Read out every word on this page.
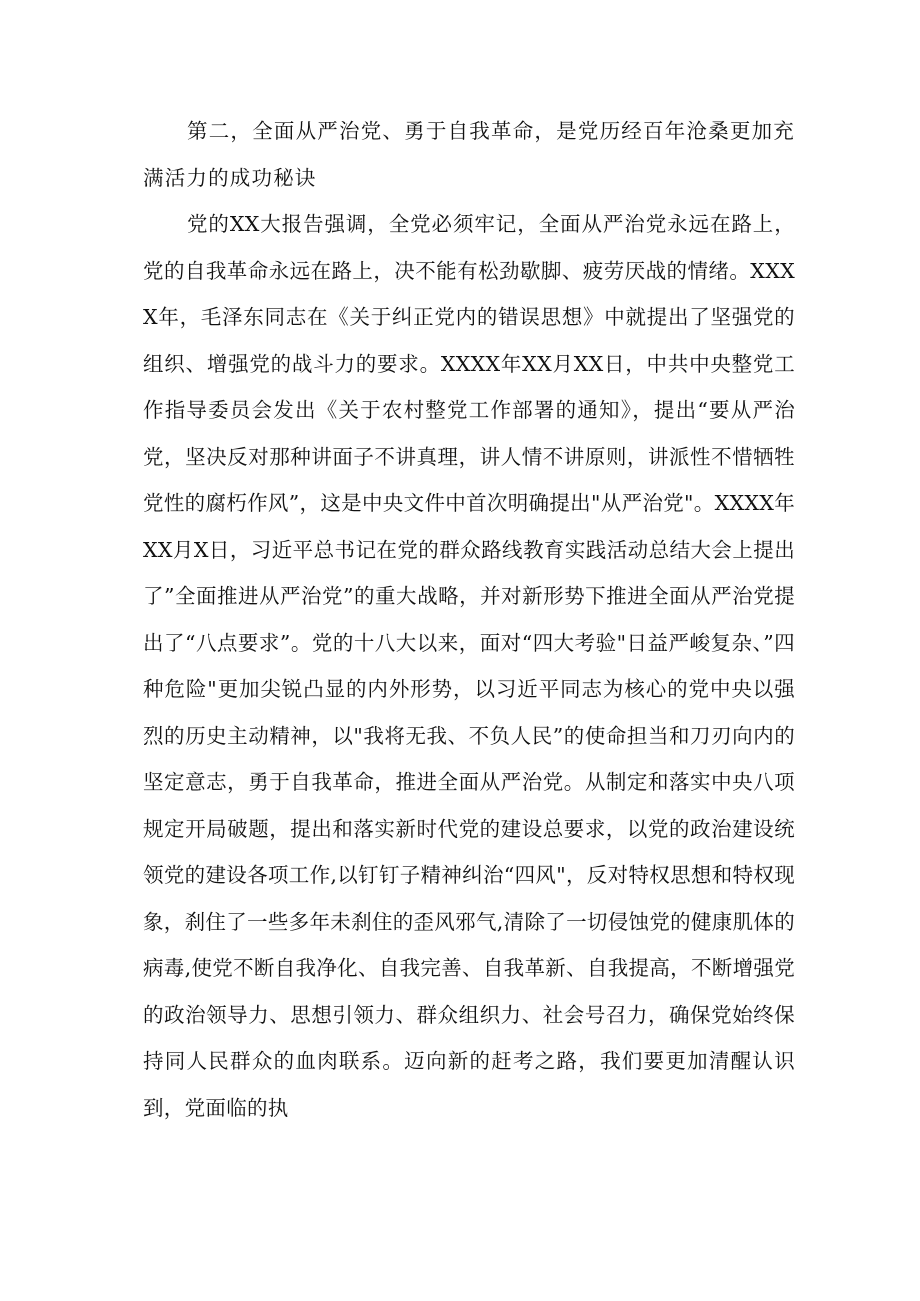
第二，全面从严治党、勇于自我革命，是党历经百年沧桑更加充满活力的成功秘诀

党的XX大报告强调，全党必须牢记，全面从严治党永远在路上，党的自我革命永远在路上，决不能有松劲歇脚、疲劳厌战的情绪。XXXX年，毛泽东同志在《关于纠正党内的错误思想》中就提出了坚强党的组织、增强党的战斗力的要求。XXXX年XX月XX日，中共中央整党工作指导委员会发出《关于农村整党工作部署的通知》，提出“要从严治党，坚决反对那种讲面子不讲真理，讲人情不讲原则，讲派性不惜牺牲党性的腐朽作风”，这是中央文件中首次明确提出"从严治党"。XXXX年XX月X日，习近平总书记在党的群众路线教育实践活动总结大会上提出了”全面推进从严治党”的重大战略，并对新形势下推进全面从严治党提出了“八点要求”。党的十八大以来，面对“四大考验"日益严峻复杂、”四种危险"更加尖锐凸显的内外形势，以习近平同志为核心的党中央以强烈的历史主动精神，以"我将无我、不负人民”的使命担当和刀刃向内的坚定意志，勇于自我革命，推进全面从严治党。从制定和落实中央八项规定开局破题，提出和落实新时代党的建设总要求，以党的政治建设统领党的建设各项工作,以钉钉子精神纠治“四风"，反对特权思想和特权现象，刹住了一些多年未刹住的歪风邪气,清除了一切侵蚀党的健康肌体的病毒,使党不断自我净化、自我完善、自我革新、自我提高，不断增强党的政治领导力、思想引领力、群众组织力、社会号召力，确保党始终保持同人民群众的血肉联系。迈向新的赶考之路，我们要更加清醒认识到，党面临的执
